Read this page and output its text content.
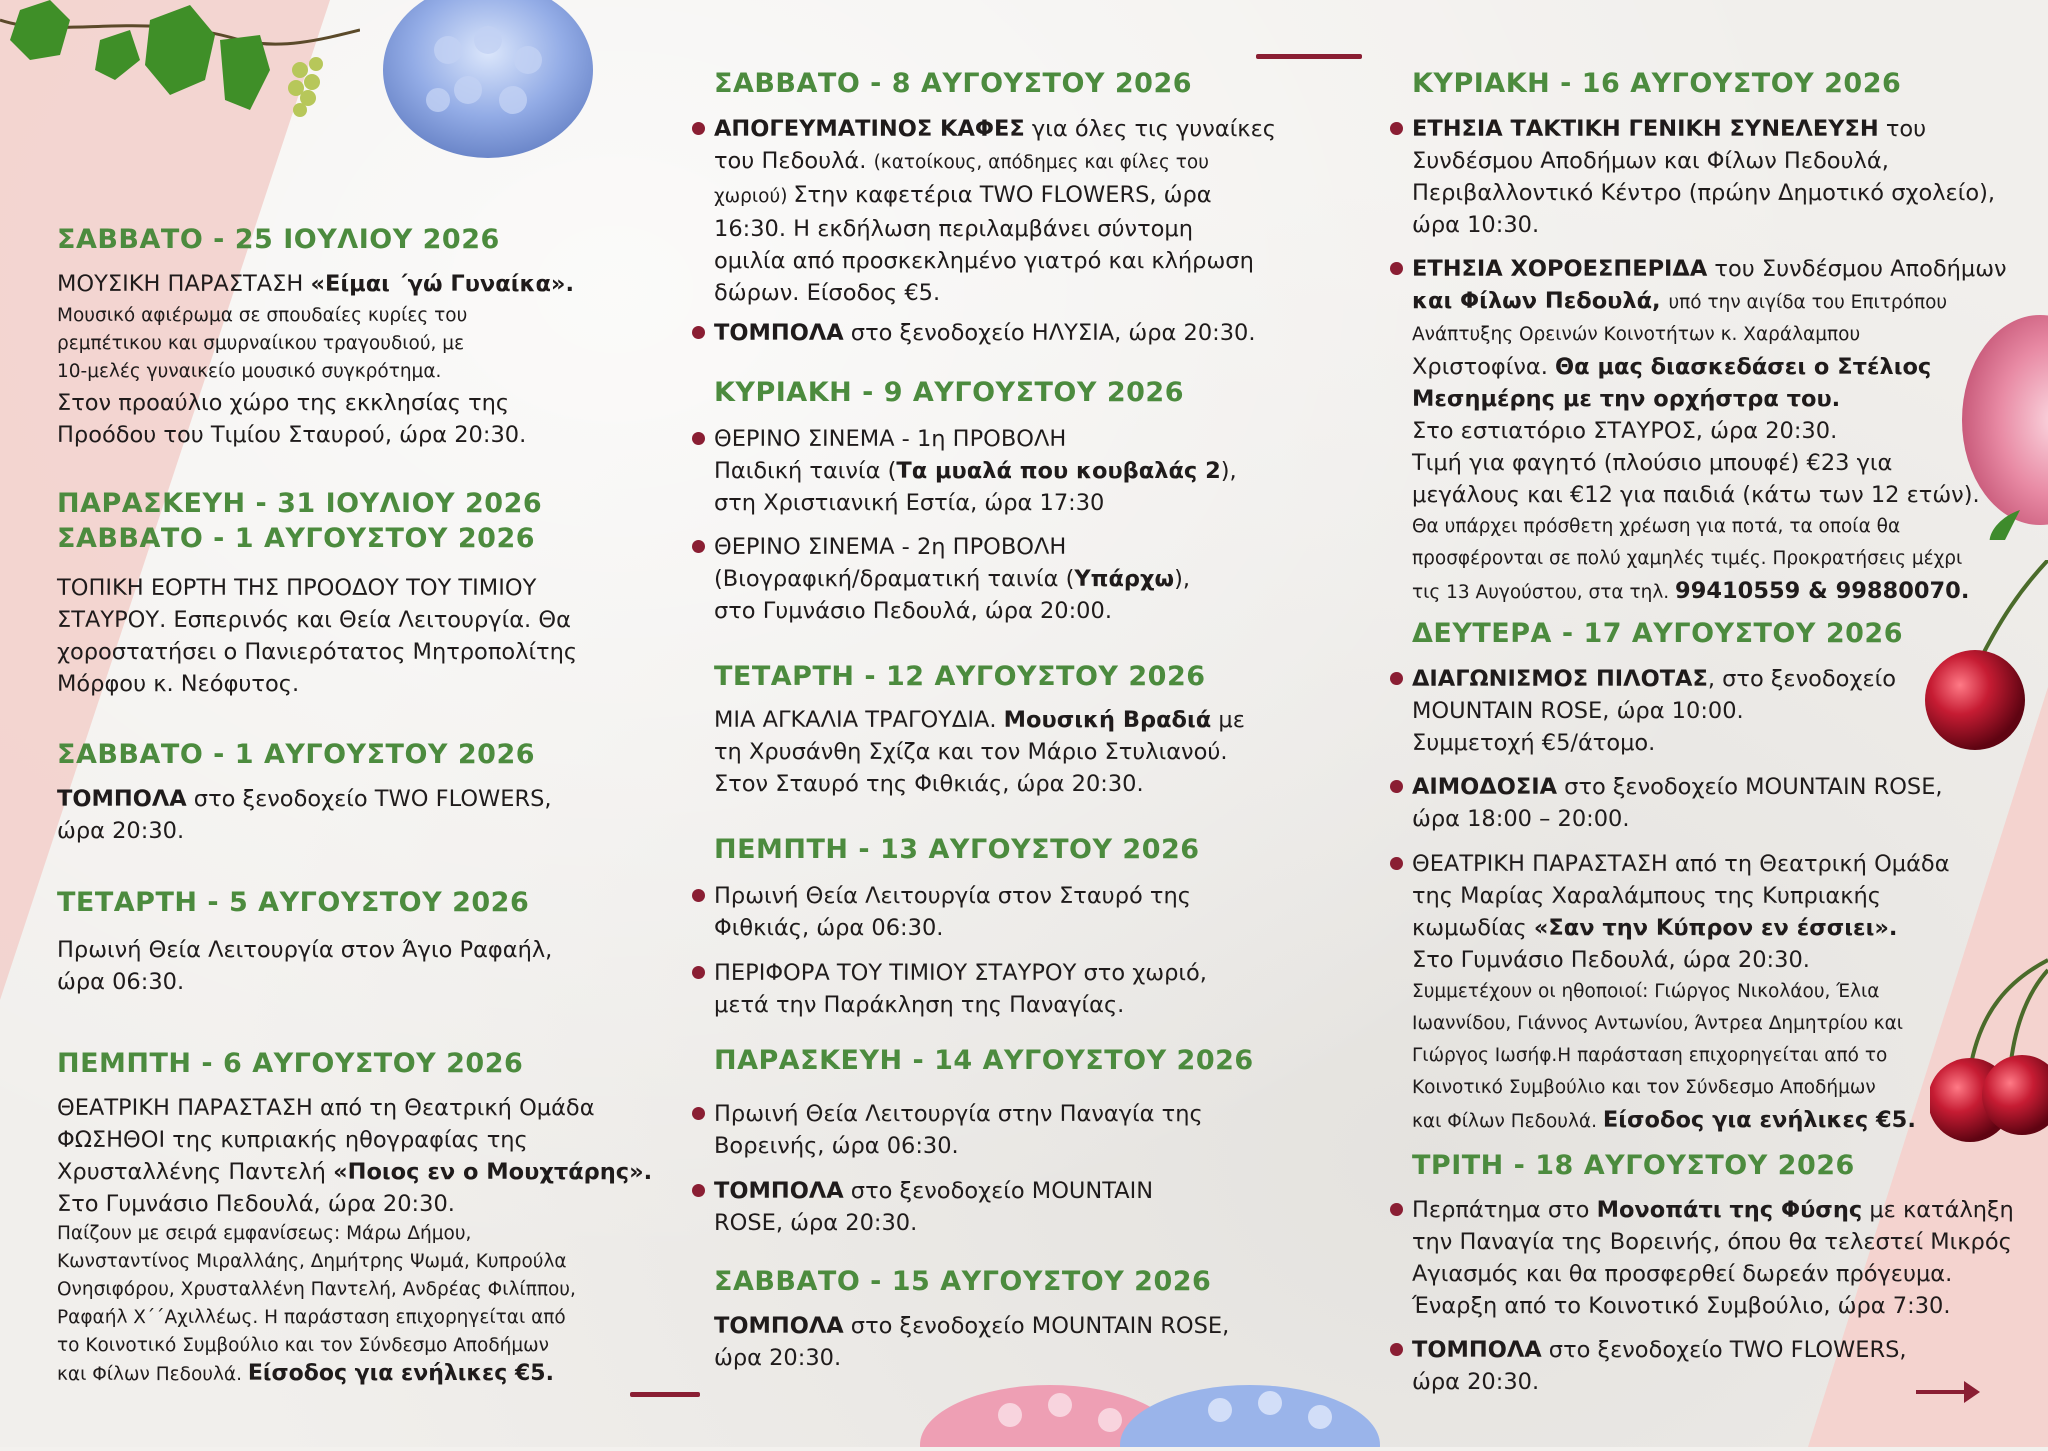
ΣΑΒΒΑΤΟ - 25 ΙΟΥΛΙΟΥ 2026
ΜΟΥΣΙΚΗ ΠΑΡΑΣΤΑΣΗ «Είμαι ΄γώ Γυναίκα».
Μουσικό αφιέρωμα σε σπουδαίες κυρίες του
ρεμπέτικου και σμυρναίικου τραγουδιού, με
10-μελές γυναικείο μουσικό συγκρότημα.
Στον προαύλιο χώρο της εκκλησίας της
Προόδου του Τιμίου Σταυρού, ώρα 20:30.
ΠΑΡΑΣΚΕΥΗ - 31 ΙΟΥΛΙΟΥ 2026
ΣΑΒΒΑΤΟ - 1 ΑΥΓΟΥΣΤΟΥ 2026
ΤΟΠΙΚΗ ΕΟΡΤΗ ΤΗΣ ΠΡΟΟΔΟΥ ΤΟΥ ΤΙΜΙΟΥ
ΣΤΑΥΡΟΥ. Εσπερινός και Θεία Λειτουργία. Θα
χοροστατήσει ο Πανιερότατος Μητροπολίτης
Μόρφου κ. Νεόφυτος.
ΣΑΒΒΑΤΟ - 1 ΑΥΓΟΥΣΤΟΥ 2026
ΤΟΜΠΟΛΑ στο ξενοδοχείο TWO FLOWERS,
ώρα 20:30.
ΤΕΤΑΡΤΗ - 5 ΑΥΓΟΥΣΤΟΥ 2026
Πρωινή Θεία Λειτουργία στον Άγιο Ραφαήλ,
ώρα 06:30.
ΠΕΜΠΤΗ - 6 ΑΥΓΟΥΣΤΟΥ 2026
ΘΕΑΤΡΙΚΗ ΠΑΡΑΣΤΑΣΗ από τη Θεατρική Ομάδα
ΦΩΣΗΘΟΙ της κυπριακής ηθογραφίας της
Χρυσταλλένης Παντελή «Ποιος εν ο Μουχτάρης».
Στο Γυμνάσιο Πεδουλά, ώρα 20:30.
Παίζουν με σειρά εμφανίσεως: Μάρω Δήμου,
Κωνσταντίνος Μιραλλάης, Δημήτρης Ψωμά, Κυπρούλα
Ονησιφόρου, Χρυσταλλένη Παντελή, Ανδρέας Φιλίππου,
Ραφαήλ Χ΄΄Αχιλλέως. Η παράσταση επιχορηγείται από
το Κοινοτικό Συμβούλιο και τον Σύνδεσμο Αποδήμων
και Φίλων Πεδουλά. Είσοδος για ενήλικες €5.
ΣΑΒΒΑΤΟ - 8 ΑΥΓΟΥΣΤΟΥ 2026
ΑΠΟΓΕΥΜΑΤΙΝΟΣ ΚΑΦΕΣ για όλες τις γυναίκες
του Πεδουλά. (κατοίκους, απόδημες και φίλες του
χωριού) Στην καφετέρια TWO FLOWERS, ώρα
16:30. Η εκδήλωση περιλαμβάνει σύντομη
ομιλία από προσκεκλημένο γιατρό και κλήρωση
δώρων. Είσοδος €5.
ΤΟΜΠΟΛΑ στο ξενοδοχείο ΗΛΥΣΙΑ, ώρα 20:30.
ΚΥΡΙΑΚΗ - 9 ΑΥΓΟΥΣΤΟΥ 2026
ΘΕΡΙΝΟ ΣΙΝΕΜΑ - 1η ΠΡΟΒΟΛΗ
Παιδική ταινία (Τα μυαλά που κουβαλάς 2),
στη Χριστιανική Εστία, ώρα 17:30
ΘΕΡΙΝΟ ΣΙΝΕΜΑ - 2η ΠΡΟΒΟΛΗ
(Βιογραφική/δραματική ταινία (Υπάρχω),
στο Γυμνάσιο Πεδουλά, ώρα 20:00.
ΤΕΤΑΡΤΗ - 12 ΑΥΓΟΥΣΤΟΥ 2026
ΜΙΑ ΑΓΚΑΛΙΑ ΤΡΑΓΟΥΔΙΑ. Μουσική Βραδιά με
τη Χρυσάνθη Σχίζα και τον Μάριο Στυλιανού.
Στον Σταυρό της Φιθκιάς, ώρα 20:30.
ΠΕΜΠΤΗ - 13 ΑΥΓΟΥΣΤΟΥ 2026
Πρωινή Θεία Λειτουργία στον Σταυρό της
Φιθκιάς, ώρα 06:30.
ΠΕΡΙΦΟΡΑ ΤΟΥ ΤΙΜΙΟΥ ΣΤΑΥΡΟΥ στο χωριό,
μετά την Παράκληση της Παναγίας.
ΠΑΡΑΣΚΕΥΗ - 14 ΑΥΓΟΥΣΤΟΥ 2026
Πρωινή Θεία Λειτουργία στην Παναγία της
Βορεινής, ώρα 06:30.
ΤΟΜΠΟΛΑ στο ξενοδοχείο MOUNTAIN
ROSE, ώρα 20:30.
ΣΑΒΒΑΤΟ - 15 ΑΥΓΟΥΣΤΟΥ 2026
ΤΟΜΠΟΛΑ στο ξενοδοχείο MOUNTAIN ROSE,
ώρα 20:30.
ΚΥΡΙΑΚΗ - 16 ΑΥΓΟΥΣΤΟΥ 2026
ΕΤΗΣΙΑ ΤΑΚΤΙΚΗ ΓΕΝΙΚΗ ΣΥΝΕΛΕΥΣΗ του
Συνδέσμου Αποδήμων και Φίλων Πεδουλά,
Περιβαλλοντικό Κέντρο (πρώην Δημοτικό σχολείο),
ώρα 10:30.
ΕΤΗΣΙΑ ΧΟΡΟΕΣΠΕΡΙΔΑ του Συνδέσμου Αποδήμων
και Φίλων Πεδουλά, υπό την αιγίδα του Επιτρόπου
Ανάπτυξης Ορεινών Κοινοτήτων κ. Χαράλαμπου
Χριστοφίνα. Θα μας διασκεδάσει ο Στέλιος
Μεσημέρης με την ορχήστρα του.
Στο εστιατόριο ΣΤΑΥΡΟΣ, ώρα 20:30.
Τιμή για φαγητό (πλούσιο μπουφέ) €23 για
μεγάλους και €12 για παιδιά (κάτω των 12 ετών).
Θα υπάρχει πρόσθετη χρέωση για ποτά, τα οποία θα
προσφέρονται σε πολύ χαμηλές τιμές. Προκρατήσεις μέχρι
τις 13 Αυγούστου, στα τηλ. 99410559 & 99880070.
ΔΕΥΤΕΡΑ - 17 ΑΥΓΟΥΣΤΟΥ 2026
ΔΙΑΓΩΝΙΣΜΟΣ ΠΙΛΟΤΑΣ, στο ξενοδοχείο
MOUNTAIN ROSE, ώρα 10:00.
Συμμετοχή €5/άτομο.
ΑΙΜΟΔΟΣΙΑ στο ξενοδοχείο MOUNTAIN ROSE,
ώρα 18:00 – 20:00.
ΘΕΑΤΡΙΚΗ ΠΑΡΑΣΤΑΣΗ από τη Θεατρική Ομάδα
της Μαρίας Χαραλάμπους της Κυπριακής
κωμωδίας «Σαν την Κύπρον εν έσσιει».
Στο Γυμνάσιο Πεδουλά, ώρα 20:30.
Συμμετέχουν οι ηθοποιοί: Γιώργος Νικολάου, Έλια
Ιωαννίδου, Γιάννος Αντωνίου, Άντρεα Δημητρίου και
Γιώργος Ιωσήφ.Η παράσταση επιχορηγείται από το
Κοινοτικό Συμβούλιο και τον Σύνδεσμο Αποδήμων
και Φίλων Πεδουλά. Είσοδος για ενήλικες €5.
ΤΡΙΤΗ - 18 ΑΥΓΟΥΣΤΟΥ 2026
Περπάτημα στο Μονοπάτι της Φύσης με κατάληξη
την Παναγία της Βορεινής, όπου θα τελεστεί Μικρός
Αγιασμός και θα προσφερθεί δωρεάν πρόγευμα.
Έναρξη από το Κοινοτικό Συμβούλιο, ώρα 7:30.
ΤΟΜΠΟΛΑ στο ξενοδοχείο TWO FLOWERS,
ώρα 20:30.
